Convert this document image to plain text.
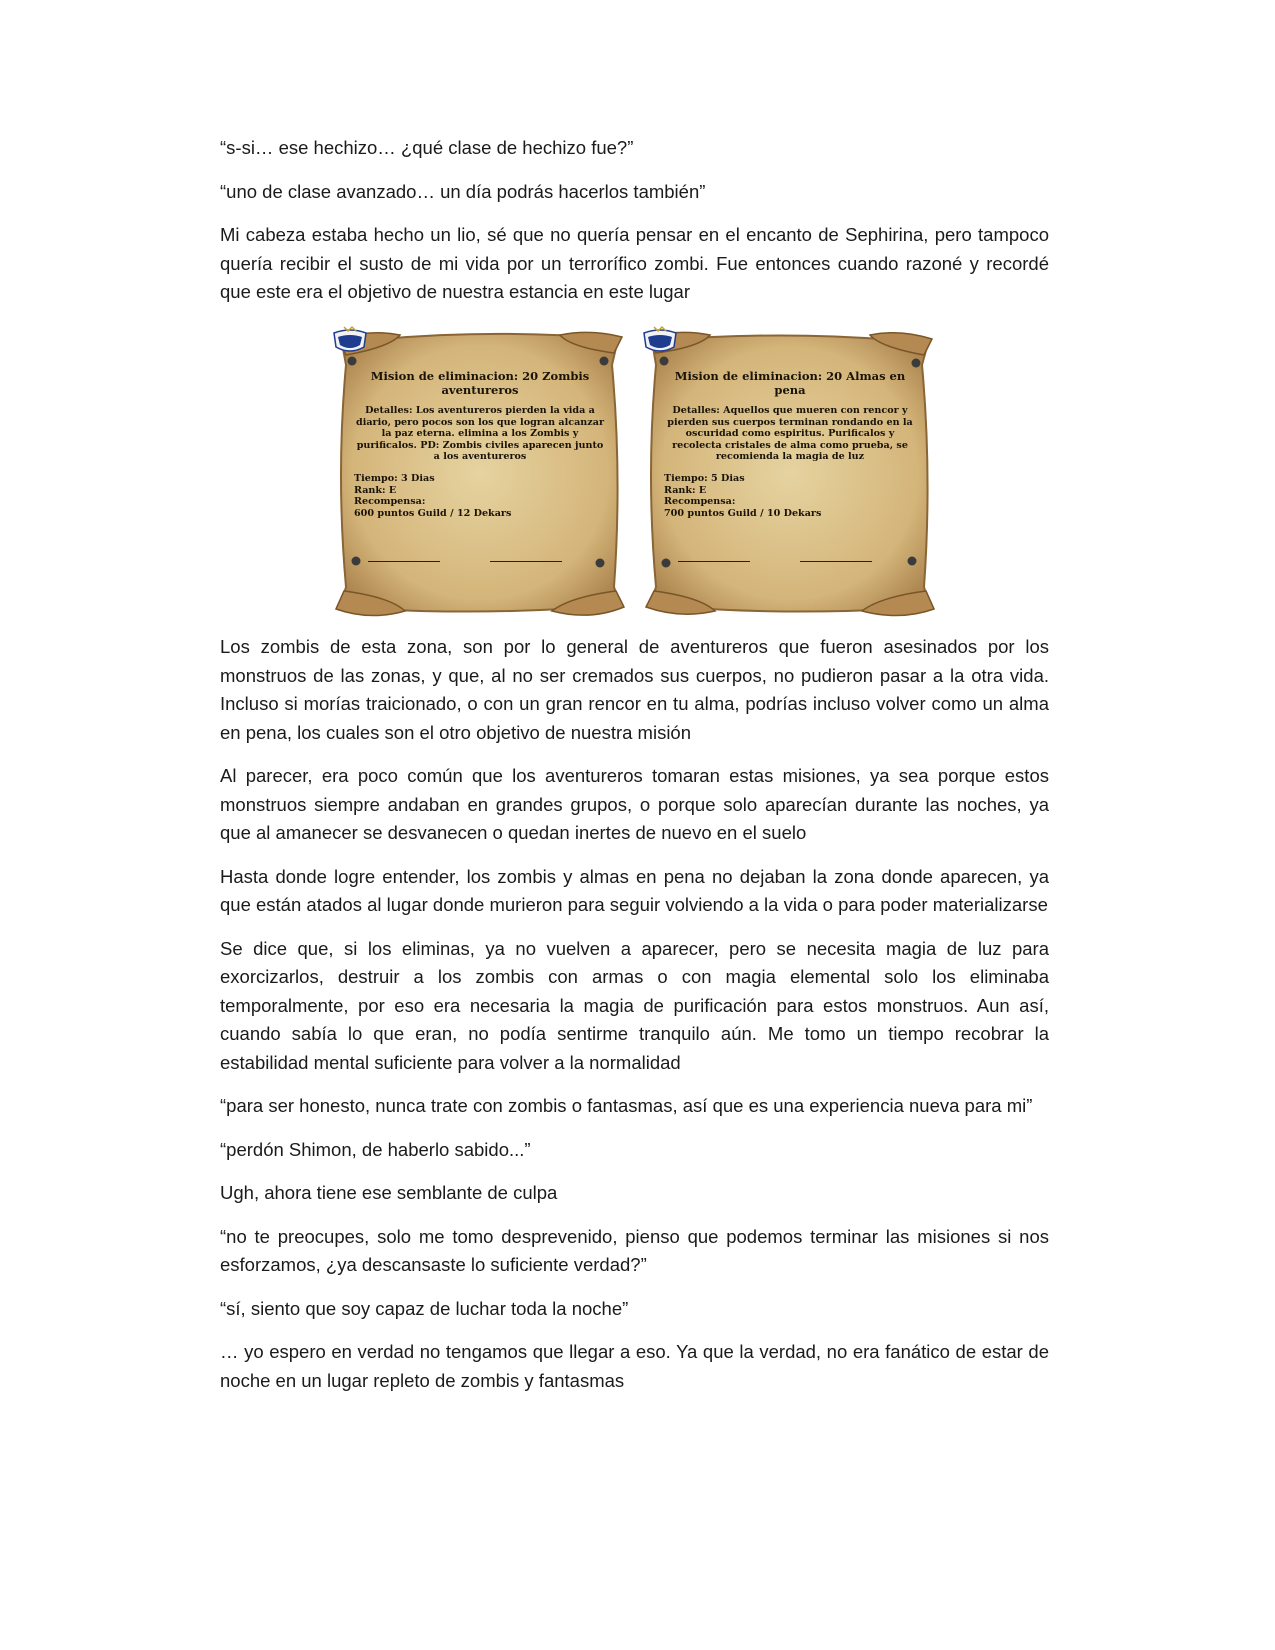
“s-si… ese hechizo… ¿qué clase de hechizo fue?”

“uno de clase avanzado… un día podrás hacerlos también”

Mi cabeza estaba hecho un lio, sé que no quería pensar en el encanto de Sephirina, pero tampoco quería recibir el susto de mi vida por un terrorífico zombi. Fue entonces cuando razoné y recordé que este era el objetivo de nuestra estancia en este lugar

Mision de eliminacion: 20 Zombis aventureros
Detalles: Los aventureros pierden la vida a diario, pero pocos son los que logran alcanzar la paz eterna. elimina a los Zombis y purificalos. PD: Zombis civiles aparecen junto a los aventureros
Tiempo: 3 Dias
Rank: E
Recompensa:
600 puntos Guild / 12 Dekars
Mision de eliminacion: 20 Almas en pena
Detalles: Aquellos que mueren con rencor y pierden sus cuerpos terminan rondando en la oscuridad como espiritus. Purificalos y recolecta cristales de alma como prueba, se recomienda la magia de luz
Tiempo: 5 Dias
Rank: E
Recompensa:
700 puntos Guild / 10 Dekars

Los zombis de esta zona, son por lo general de aventureros que fueron asesinados por los monstruos de las zonas, y que, al no ser cremados sus cuerpos, no pudieron pasar a la otra vida. Incluso si morías traicionado, o con un gran rencor en tu alma, podrías incluso volver como un alma en pena, los cuales son el otro objetivo de nuestra misión

Al parecer, era poco común que los aventureros tomaran estas misiones, ya sea porque estos monstruos siempre andaban en grandes grupos, o porque solo aparecían durante las noches, ya que al amanecer se desvanecen o quedan inertes de nuevo en el suelo

Hasta donde logre entender, los zombis y almas en pena no dejaban la zona donde aparecen, ya que están atados al lugar donde murieron para seguir volviendo a la vida o para poder materializarse

Se dice que, si los eliminas, ya no vuelven a aparecer, pero se necesita magia de luz para exorcizarlos, destruir a los zombis con armas o con magia elemental solo los eliminaba temporalmente, por eso era necesaria la magia de purificación para estos monstruos. Aun así, cuando sabía lo que eran, no podía sentirme tranquilo aún. Me tomo un tiempo recobrar la estabilidad mental suficiente para volver a la normalidad

“para ser honesto, nunca trate con zombis o fantasmas, así que es una experiencia nueva para mi”

“perdón Shimon, de haberlo sabido...”

Ugh, ahora tiene ese semblante de culpa

“no te preocupes, solo me tomo desprevenido, pienso que podemos terminar las misiones si nos esforzamos, ¿ya descansaste lo suficiente verdad?”

“sí, siento que soy capaz de luchar toda la noche”

… yo espero en verdad no tengamos que llegar a eso. Ya que la verdad, no era fanático de estar de noche en un lugar repleto de zombis y fantasmas
